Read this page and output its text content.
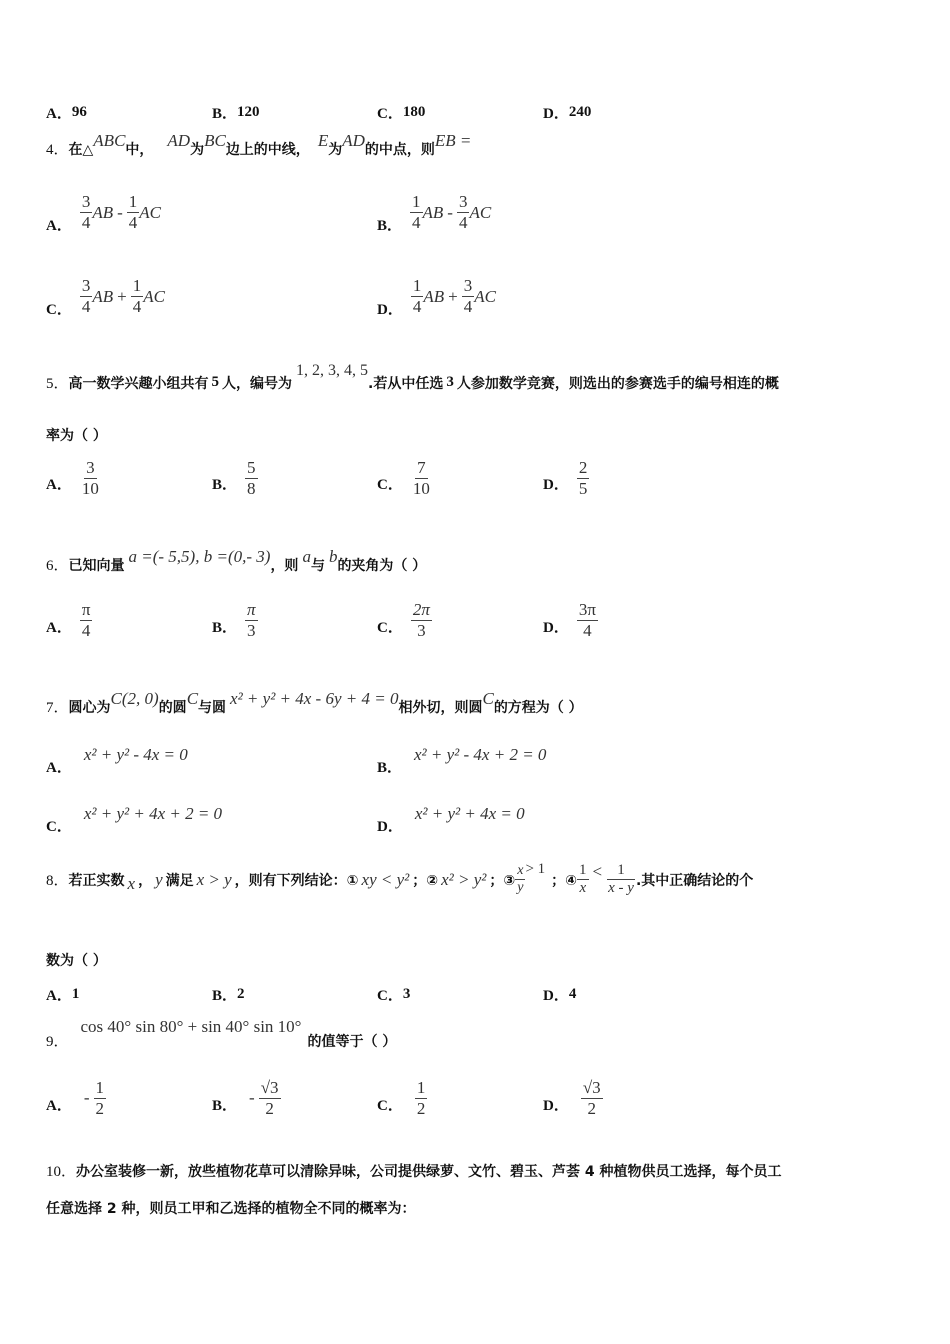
A． 96	B． 120	C． 180	D． 240
4． 在△ ABC 中， AD 为 BC 边上的中线， E 为 AD 的中点，则 EB =
A． $\frac{3}{4}$ AB - $\frac{1}{4}$ AC
B． $\frac{1}{4}$ AB - $\frac{3}{4}$ AC
C． $\frac{3}{4}$ AB + $\frac{1}{4}$ AC
D． $\frac{1}{4}$ AB + $\frac{3}{4}$ AC
5． 高一数学兴趣小组共有 5 人，编号为
1, 2, 3, 4, 5
.若从中任选 3 人参加数学竞赛，则选出的参赛选手的编号相连的概
率为（ ）
A． $\frac{3}{10}$	B． $\frac{5}{8}$	C． $\frac{7}{10}$	D． $\frac{2}{5}$
6． 已知向量 a =(- 5,5), b =(0,- 3) ，则 a 与 b 的夹角为（ ）
A． $\frac{\pi}{4}$	B． $\frac{\pi}{3}$	C． $\frac{2\pi}{3}$	D． $\frac{3\pi}{4}$
7． 圆心为 C(2, 0) 的圆 C 与圆 x² + y² + 4x - 6y + 4 = 0 相外切，则圆 C 的方程为（ ）
A．
x² + y² - 4x = 0
B．
x² + y² - 4x + 2 = 0
C．
x² + y² + 4x + 2 = 0
D．
x² + y² + 4x = 0
8． 若正实数 x ， y 满足 x > y ，则有下列结论：① xy < y² ；② x² > y² ；③ $\frac{x}{y} > 1$
；④ $\frac{1}{x} < \frac{1}{x - y}$ .其中正确结论的个
数为（ ）
A． 1	B． 2	C． 3	D． 4
9．
cos 40° sin 80° + sin 40° sin 10°
的值等于（ ）
A． - $\frac{1}{2}$	B． - $\frac{√3}{2}$	C． $\frac{1}{2}$	D． $\frac{√3}{2}$
10． 办公室装修一新，放些植物花草可以清除异味，公司提供绿萝、文竹、碧玉、芦荟 4 种植物供员工选择，每个员工
任意选择 2 种，则员工甲和乙选择的植物全不同的概率为：
